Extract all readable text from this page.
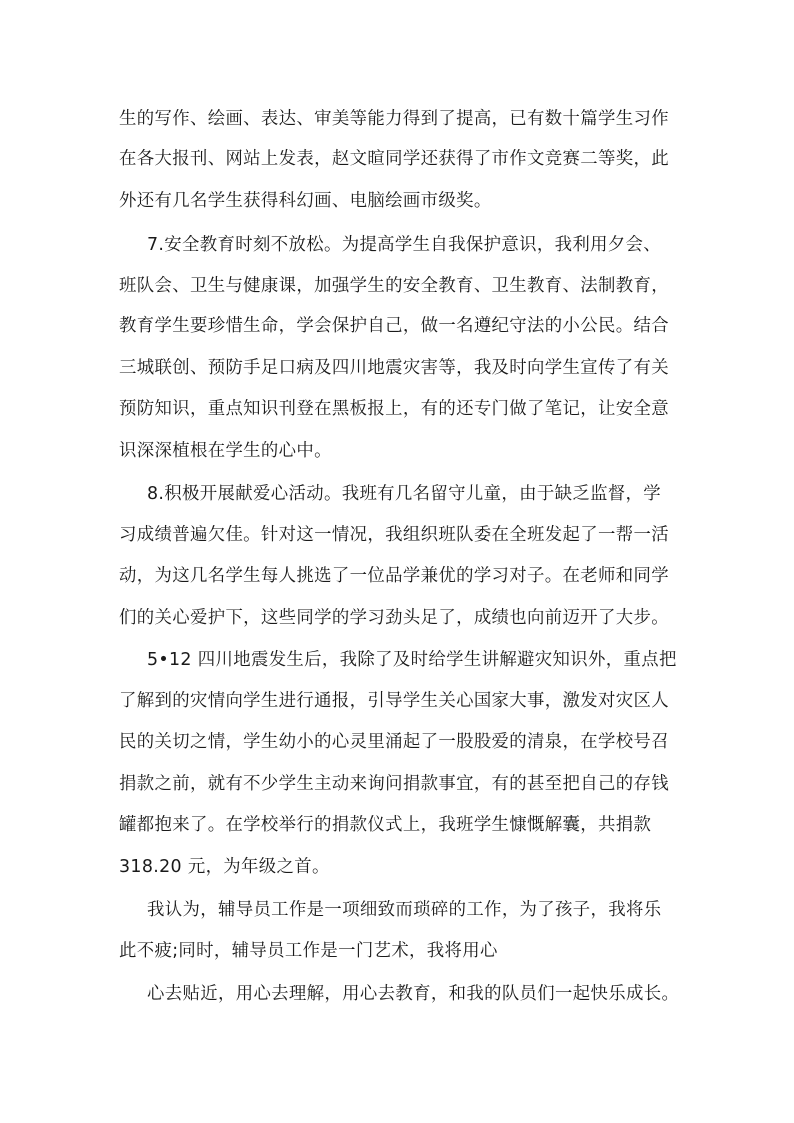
生的写作、绘画、表达、审美等能力得到了提高，已有数十篇学生习作
在各大报刊、网站上发表，赵文暄同学还获得了市作文竞赛二等奖，此
外还有几名学生获得科幻画、电脑绘画市级奖。
7.安全教育时刻不放松。为提高学生自我保护意识，我利用夕会、
班队会、卫生与健康课，加强学生的安全教育、卫生教育、法制教育，
教育学生要珍惜生命，学会保护自己，做一名遵纪守法的小公民。结合
三城联创、预防手足口病及四川地震灾害等，我及时向学生宣传了有关
预防知识，重点知识刊登在黑板报上，有的还专门做了笔记，让安全意
识深深植根在学生的心中。
8.积极开展献爱心活动。我班有几名留守儿童，由于缺乏监督，学
习成绩普遍欠佳。针对这一情况，我组织班队委在全班发起了一帮一活
动，为这几名学生每人挑选了一位品学兼优的学习对子。在老师和同学
们的关心爱护下，这些同学的学习劲头足了，成绩也向前迈开了大步。
5•12 四川地震发生后，我除了及时给学生讲解避灾知识外，重点把
了解到的灾情向学生进行通报，引导学生关心国家大事，激发对灾区人
民的关切之情，学生幼小的心灵里涌起了一股股爱的清泉，在学校号召
捐款之前，就有不少学生主动来询问捐款事宜，有的甚至把自己的存钱
罐都抱来了。在学校举行的捐款仪式上，我班学生慷慨解囊，共捐款
318.20 元，为年级之首。
我认为，辅导员工作是一项细致而琐碎的工作，为了孩子，我将乐
此不疲;同时，辅导员工作是一门艺术，我将用心
心去贴近，用心去理解，用心去教育，和我的队员们一起快乐成长。
